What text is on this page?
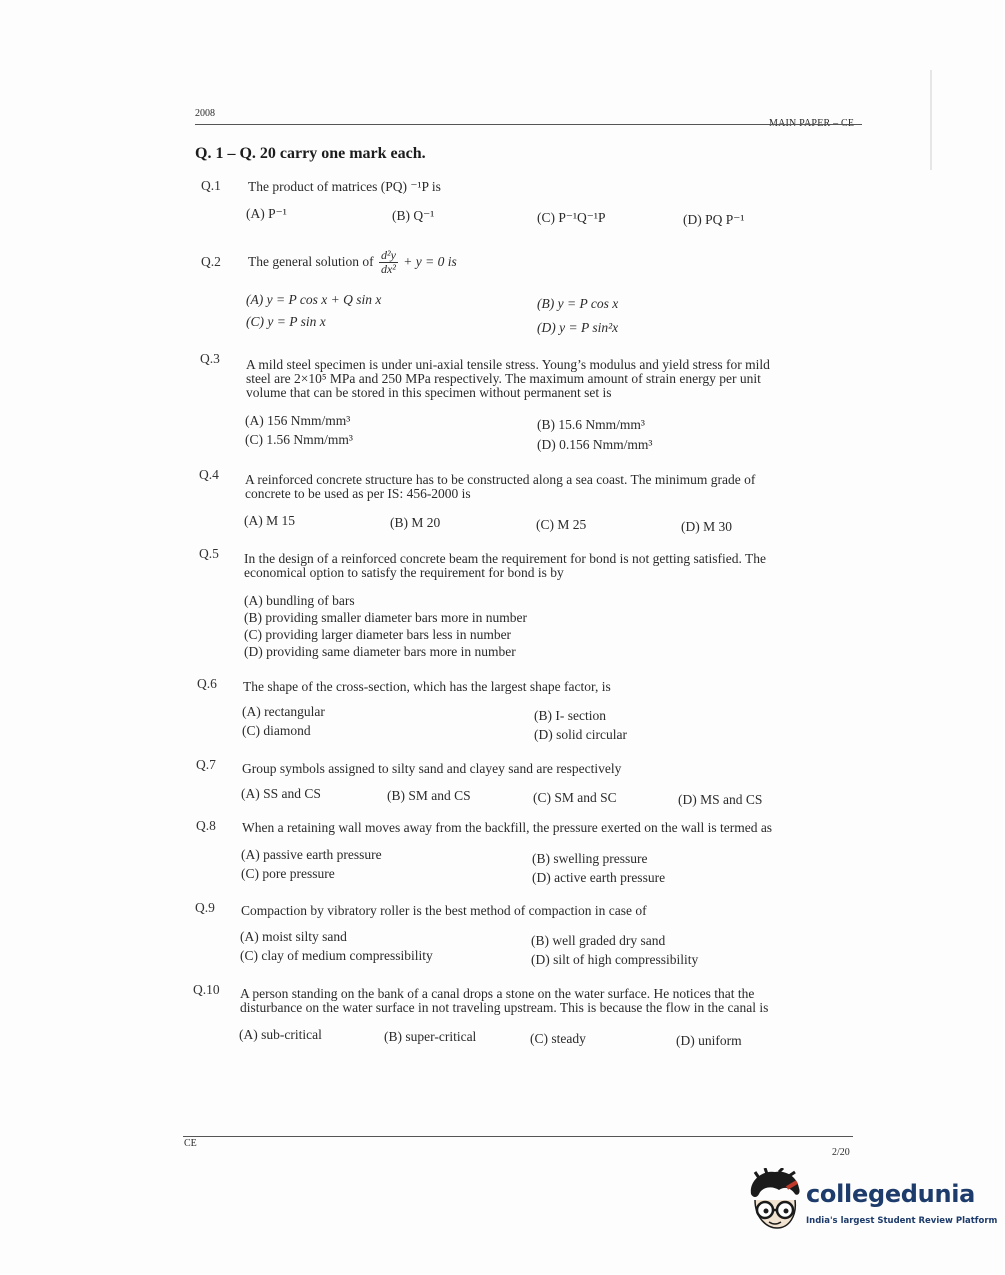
2008
Q. 1 – Q. 20 carry one mark each.
Q.1 The product of matrices (PQ) ⁻¹P is
(A) P⁻¹	(B) Q⁻¹	(C) P⁻¹Q⁻¹P	(D) PQ P⁻¹
Q.2 The general solution of $\frac{\text{d²y}}{\text{dx²}} + y = 0$ is
(A) y = P cos x + Q sin x	(B) y = P cos x
(C) y = P sin x	(D) y = P sin²x
Q.3 A mild steel specimen is under uni-axial tensile stress. Young’s modulus and yield stress for mild
steel are 2×10⁵ MPa and 250 MPa respectively. The maximum amount of strain energy per unit
volume that can be stored in this specimen without permanent set is
(A) 156 Nmm/mm³	(B) 15.6 Nmm/mm³
(C) 1.56 Nmm/mm³	(D) 0.156 Nmm/mm³
Q.4 A reinforced concrete structure has to be constructed along a sea coast. The minimum grade of
concrete to be used as per IS: 456-2000 is
(A) M 15	(B) M 20	(C) M 25	(D) M 30
Q.5 In the design of a reinforced concrete beam the requirement for bond is not getting satisfied. The
economical option to satisfy the requirement for bond is by
(A) bundling of bars
(B) providing smaller diameter bars more in number
(C) providing larger diameter bars less in number
(D) providing same diameter bars more in number
Q.6 The shape of the cross-section, which has the largest shape factor, is
(A) rectangular	(B) I- section
(C) diamond	(D) solid circular
Q.7 Group symbols assigned to silty sand and clayey sand are respectively
(A) SS and CS	(B) SM and CS	(C) SM and SC	(D) MS and CS
Q.8 When a retaining wall moves away from the backfill, the pressure exerted on the wall is termed as
(A) passive earth pressure	(B) swelling pressure
(C) pore pressure	(D) active earth pressure
Q.9 Compaction by vibratory roller is the best method of compaction in case of
(A) moist silty sand	(B) well graded dry sand
(C) clay of medium compressibility	(D) silt of high compressibility
Q.10 A person standing on the bank of a canal drops a stone on the water surface. He notices that the
disturbance on the water surface in not traveling upstream. This is because the flow in the canal is
(A) sub-critical	(B) super-critical	(C) steady	(D) uniform
CE
2/20
collegedunia
India's largest Student Review Platform
